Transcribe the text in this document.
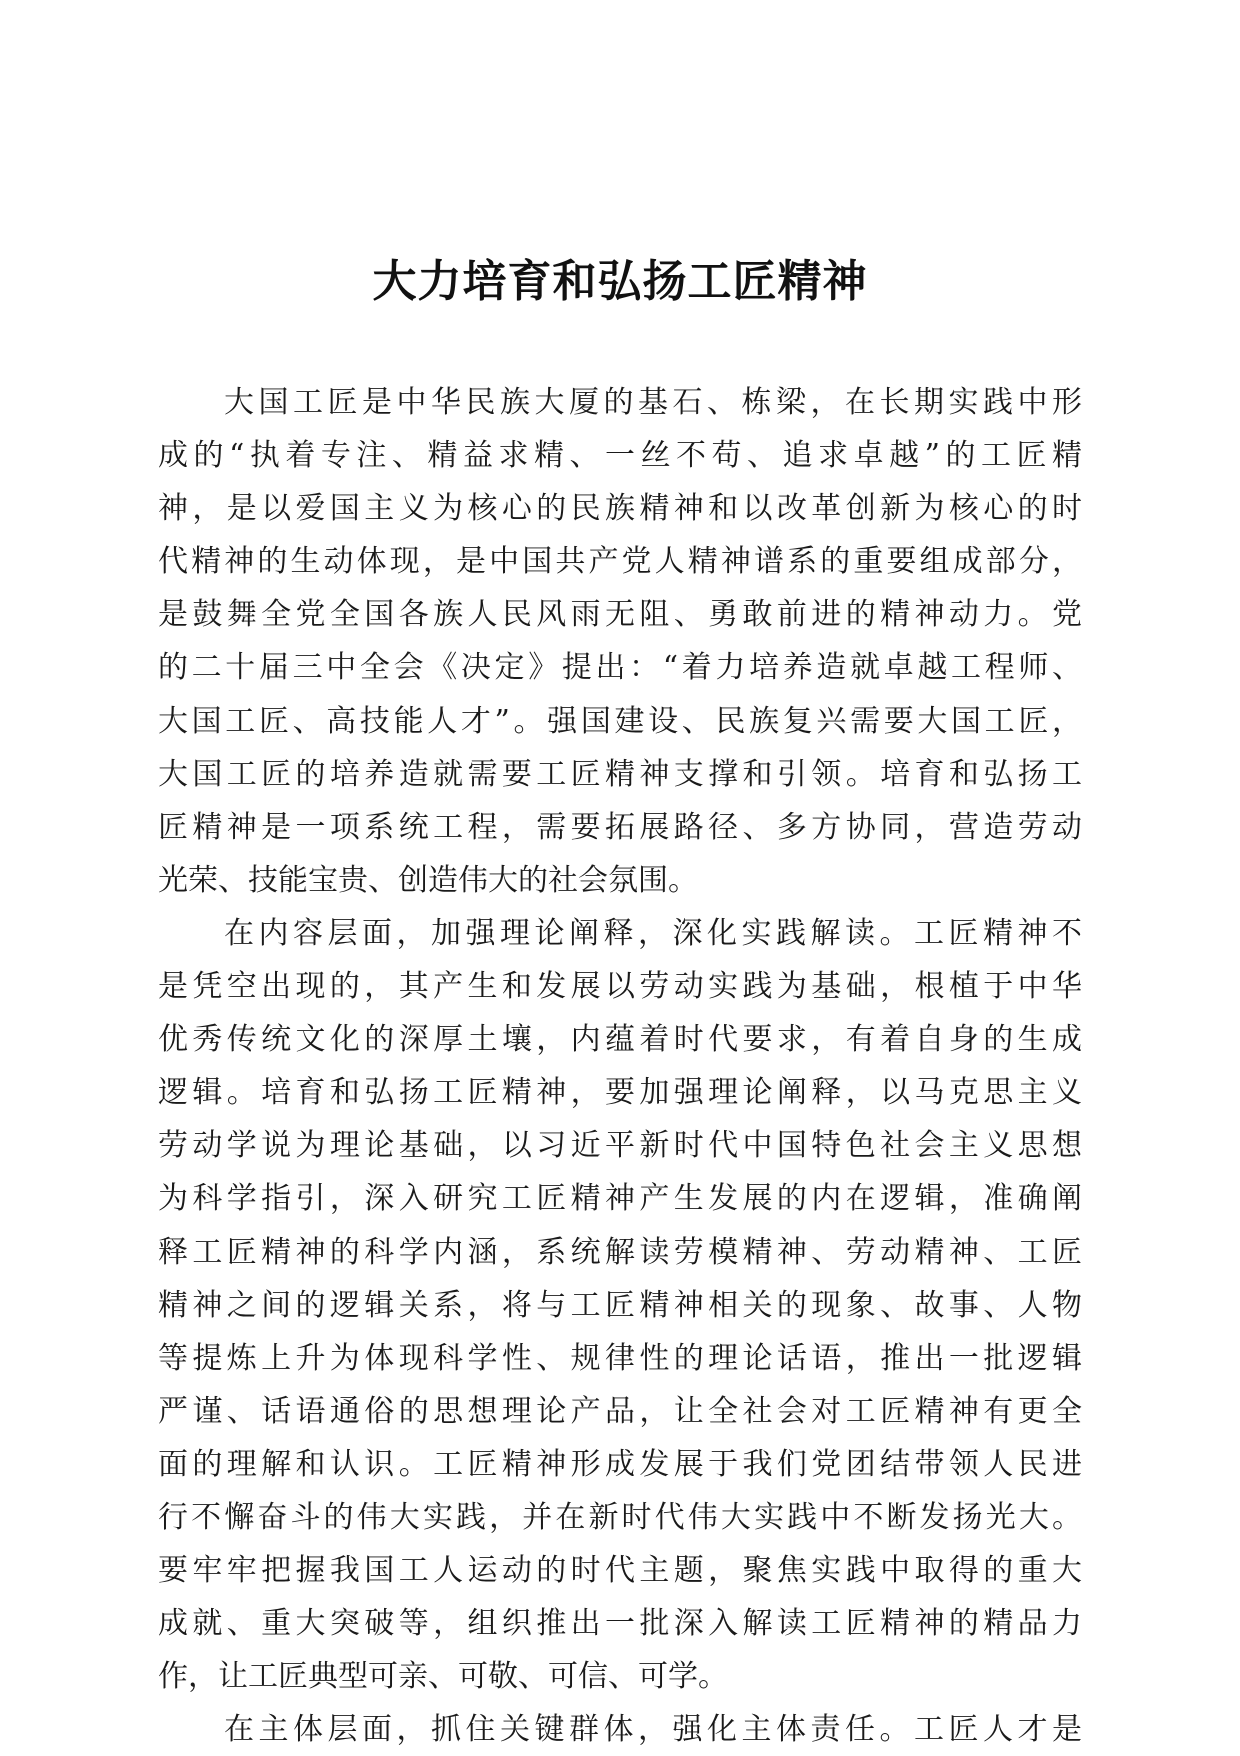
大力培育和弘扬工匠精神
大国工匠是中华民族大厦的基石、栋梁，在长期实践中形
成的“执着专注、精益求精、一丝不苟、追求卓越”的工匠精
神，是以爱国主义为核心的民族精神和以改革创新为核心的时
代精神的生动体现，是中国共产党人精神谱系的重要组成部分，
是鼓舞全党全国各族人民风雨无阻、勇敢前进的精神动力。党
的二十届三中全会《决定》提出：“着力培养造就卓越工程师、
大国工匠、高技能人才”。强国建设、民族复兴需要大国工匠，
大国工匠的培养造就需要工匠精神支撑和引领。培育和弘扬工
匠精神是一项系统工程，需要拓展路径、多方协同，营造劳动
光荣、技能宝贵、创造伟大的社会氛围。
在内容层面，加强理论阐释，深化实践解读。工匠精神不
是凭空出现的，其产生和发展以劳动实践为基础，根植于中华
优秀传统文化的深厚土壤，内蕴着时代要求，有着自身的生成
逻辑。培育和弘扬工匠精神，要加强理论阐释，以马克思主义
劳动学说为理论基础，以习近平新时代中国特色社会主义思想
为科学指引，深入研究工匠精神产生发展的内在逻辑，准确阐
释工匠精神的科学内涵，系统解读劳模精神、劳动精神、工匠
精神之间的逻辑关系，将与工匠精神相关的现象、故事、人物
等提炼上升为体现科学性、规律性的理论话语，推出一批逻辑
严谨、话语通俗的思想理论产品，让全社会对工匠精神有更全
面的理解和认识。工匠精神形成发展于我们党团结带领人民进
行不懈奋斗的伟大实践，并在新时代伟大实践中不断发扬光大。
要牢牢把握我国工人运动的时代主题，聚焦实践中取得的重大
成就、重大突破等，组织推出一批深入解读工匠精神的精品力
作，让工匠典型可亲、可敬、可信、可学。
在主体层面，抓住关键群体，强化主体责任。工匠人才是
